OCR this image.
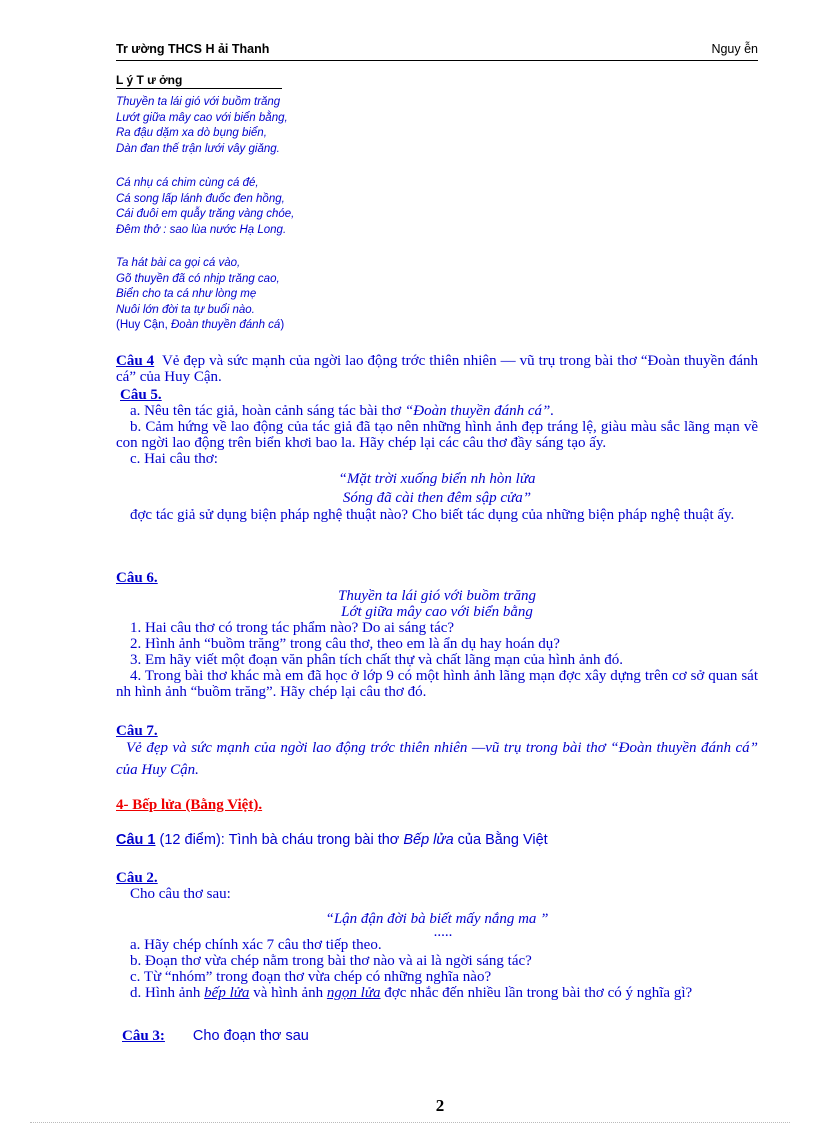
Tr ường THCS H ải Thanh	Nguy ễn
L ý T ư ởng
Thuyền ta lái gió với buồm trăng
Lướt giữa mây cao với biển bằng,
Ra đậu dặm xa dò bụng biển,
Dàn đan thế trận lưới vây giăng.
Cá nhụ cá chim cùng cá đé,
Cá song lấp lánh đuốc đen hồng,
Cái đuôi em quẫy trăng vàng chóe,
Đêm thở : sao lùa nước Hạ Long.
Ta hát bài ca gọi cá vào,
Gõ thuyền đã có nhịp trăng cao,
Biển cho ta cá như lòng mẹ
Nuôi lớn đời ta tự buổi nào.
(Huy Cận, Đoàn thuyền đánh cá)
Câu 4 Vẻ đẹp và sức mạnh của ngời lao động trớc thiên nhiên — vũ trụ trong bài thơ “Đoàn thuyền đánh cá” của Huy Cận.
Câu 5.
a. Nêu tên tác giả, hoàn cảnh sáng tác bài thơ “Đoàn thuyền đánh cá”.
b. Cảm hứng về lao động của tác giả đã tạo nên những hình ảnh đẹp tráng lệ, giàu màu sắc lãng mạn về con ngời lao động trên biển khơi bao la. Hãy chép lại các câu thơ đầy sáng tạo ấy.
c. Hai câu thơ:
“Mặt trời xuống biển nh hòn lửa
Sóng đã cài then đêm sập cửa”
đợc tác giả sử dụng biện pháp nghệ thuật nào? Cho biết tác dụng của những biện pháp nghệ thuật ấy.
Câu 6.
Thuyền ta lái gió với buồm trăng
Lớt giữa mây cao với biển bằng
1. Hai câu thơ có trong tác phẩm nào? Do ai sáng tác?
2. Hình ảnh “buồm trăng” trong câu thơ, theo em là ẩn dụ hay hoán dụ?
3. Em hãy viết một đoạn văn phân tích chất thự và chất lãng mạn của hình ảnh đó.
4. Trong bài thơ khác mà em đã học ở lớp 9 có một hình ảnh lãng mạn đợc xây dựng trên cơ sở quan sát nh hình ảnh “buồm trăng”. Hãy chép lại câu thơ đó.
Câu 7.
Vẻ đẹp và sức mạnh của ngời lao động trớc thiên nhiên —vũ trụ trong bài thơ “Đoàn thuyền đánh cá” của Huy Cận.
4- Bếp lửa (Bằng Việt).
Câu 1 (12 điểm): Tình bà cháu trong bài thơ Bếp lửa của Bằng Việt
Câu 2.
Cho câu thơ sau:
“Lận đận đời bà biết mấy nắng ma ”
.....
a. Hãy chép chính xác 7 câu thơ tiếp theo.
b. Đoạn thơ vừa chép nằm trong bài thơ nào và ai là ngời sáng tác?
c. Từ “nhóm” trong đoạn thơ vừa chép có những nghĩa nào?
d. Hình ảnh bếp lửa và hình ảnh ngọn lửa đợc nhắc đến nhiều lần trong bài thơ có ý nghĩa gì?
Câu 3: Cho đoạn thơ sau
2
